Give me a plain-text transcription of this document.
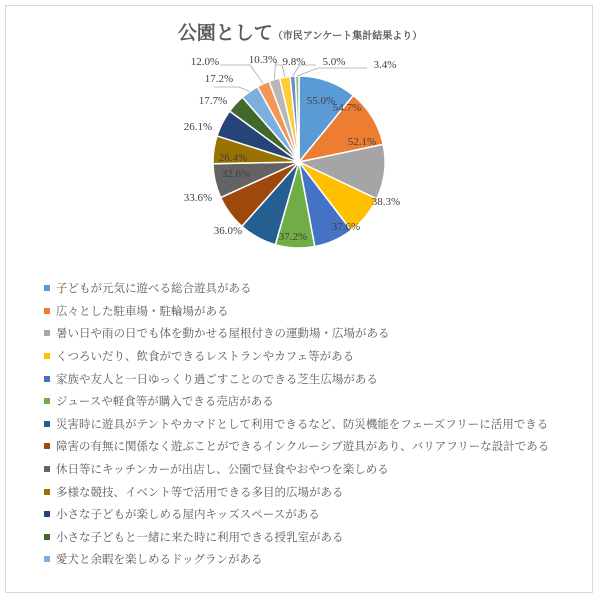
公園として（市民アンケート集計結果より）
55.0%
54.7%
52.1%
38.3%
37.6%
37.2%
36.0%
33.6%
32.6%
26.4%
26.1%
17.7%
17.2%
12.0%	10.3% 9.8% 5.0%	3.4%
子どもが元気に遊べる総合遊具がある
広々とした駐車場・駐輪場がある
暑い日や雨の日でも体を動かせる屋根付きの運動場・広場がある
くつろいだり、飲食ができるレストランやカフェ等がある
家族や友人と一日ゆっくり過ごすことのできる芝生広場がある
ジュースや軽食等が購入できる売店がある
災害時に遊具がテントやカマドとして利用できるなど、防災機能をフェーズフリーに活用できる
障害の有無に関係なく遊ぶことができるインクルーシブ遊具があり、バリアフリーな設計である
休日等にキッチンカーが出店し、公園で昼食やおやつを楽しめる
多様な競技、イベント等で活用できる多目的広場がある
小さな子どもが楽しめる屋内キッズスペースがある
小さな子どもと一緒に来た時に利用できる授乳室がある
愛犬と余暇を楽しめるドッグランがある
